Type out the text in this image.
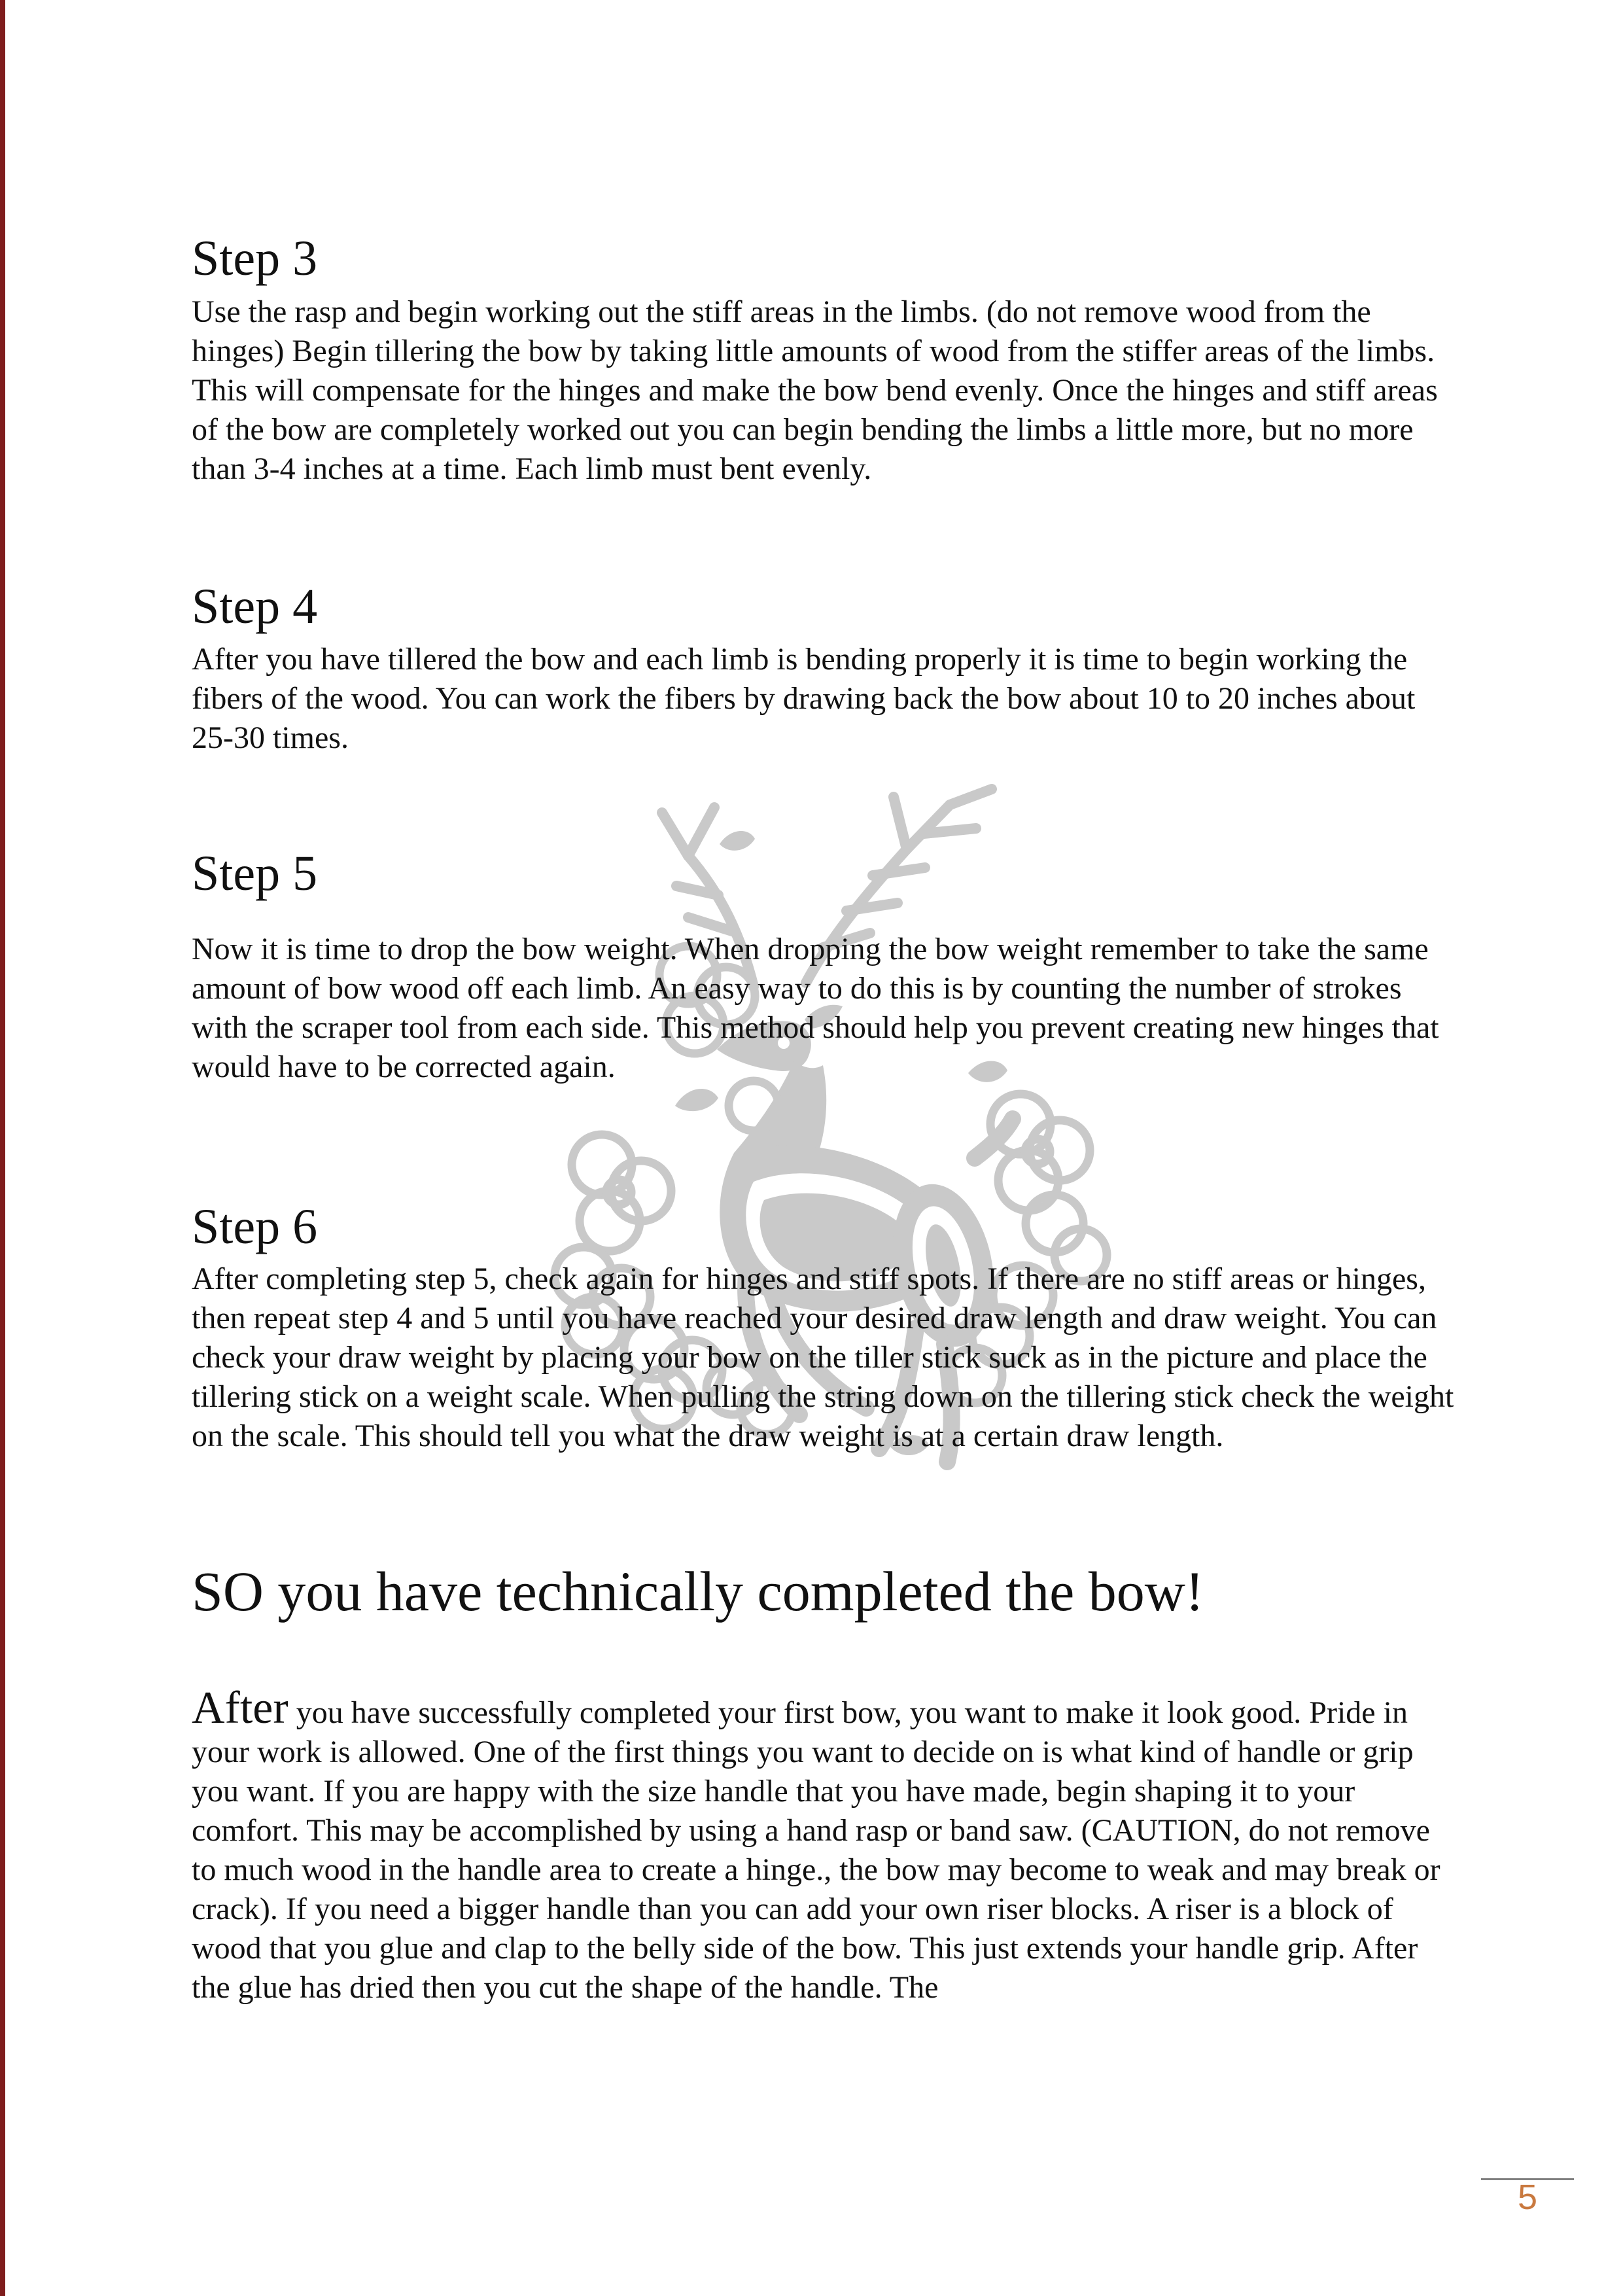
Step 3

Use the rasp and begin working out the stiff areas in the limbs. (do not remove wood from the hinges) Begin tillering the bow by taking little amounts of wood from the stiffer areas of the limbs. This will compensate for the hinges and make the bow bend evenly. Once the hinges and stiff areas of the bow are completely worked out you can begin bending the limbs a little more, but no more than 3-4 inches at a time. Each limb must bent evenly.

Step 4

After you have tillered the bow and each limb is bending properly it is time to begin working the fibers of the wood. You can work the fibers by drawing back the bow about 10 to 20 inches about 25-30 times.

Step 5

Now it is time to drop the bow weight. When dropping the bow weight remember to take the same amount of bow wood off each limb. An easy way to do this is by counting the number of strokes with the scraper tool from each side. This method should help you prevent creating new hinges that would have to be corrected again.

Step 6

After completing step 5, check again for hinges and stiff spots. If there are no stiff areas or hinges, then repeat step 4 and 5 until you have reached your desired draw length and draw weight. You can check your draw weight by placing your bow on the tiller stick suck as in the picture and place the tillering stick on a weight scale. When pulling the string down on the tillering stick check the weight on the scale. This should tell you what the draw weight is at a certain draw length.

SO you have technically completed the bow!

After you have successfully completed your first bow, you want to make it look good. Pride in your work is allowed. One of the first things you want to decide on is what kind of handle or grip you want. If you are happy with the size handle that you have made, begin shaping it to your comfort. This may be accomplished by using a hand rasp or band saw. (CAUTION, do not remove to much wood in the handle area to create a hinge., the bow may become to weak and may break or crack). If you need a bigger handle than you can add your own riser blocks. A riser is a block of wood that you glue and clap to the belly side of the bow. This just extends your handle grip. After the glue has dried then you cut the shape of the handle. The

5
